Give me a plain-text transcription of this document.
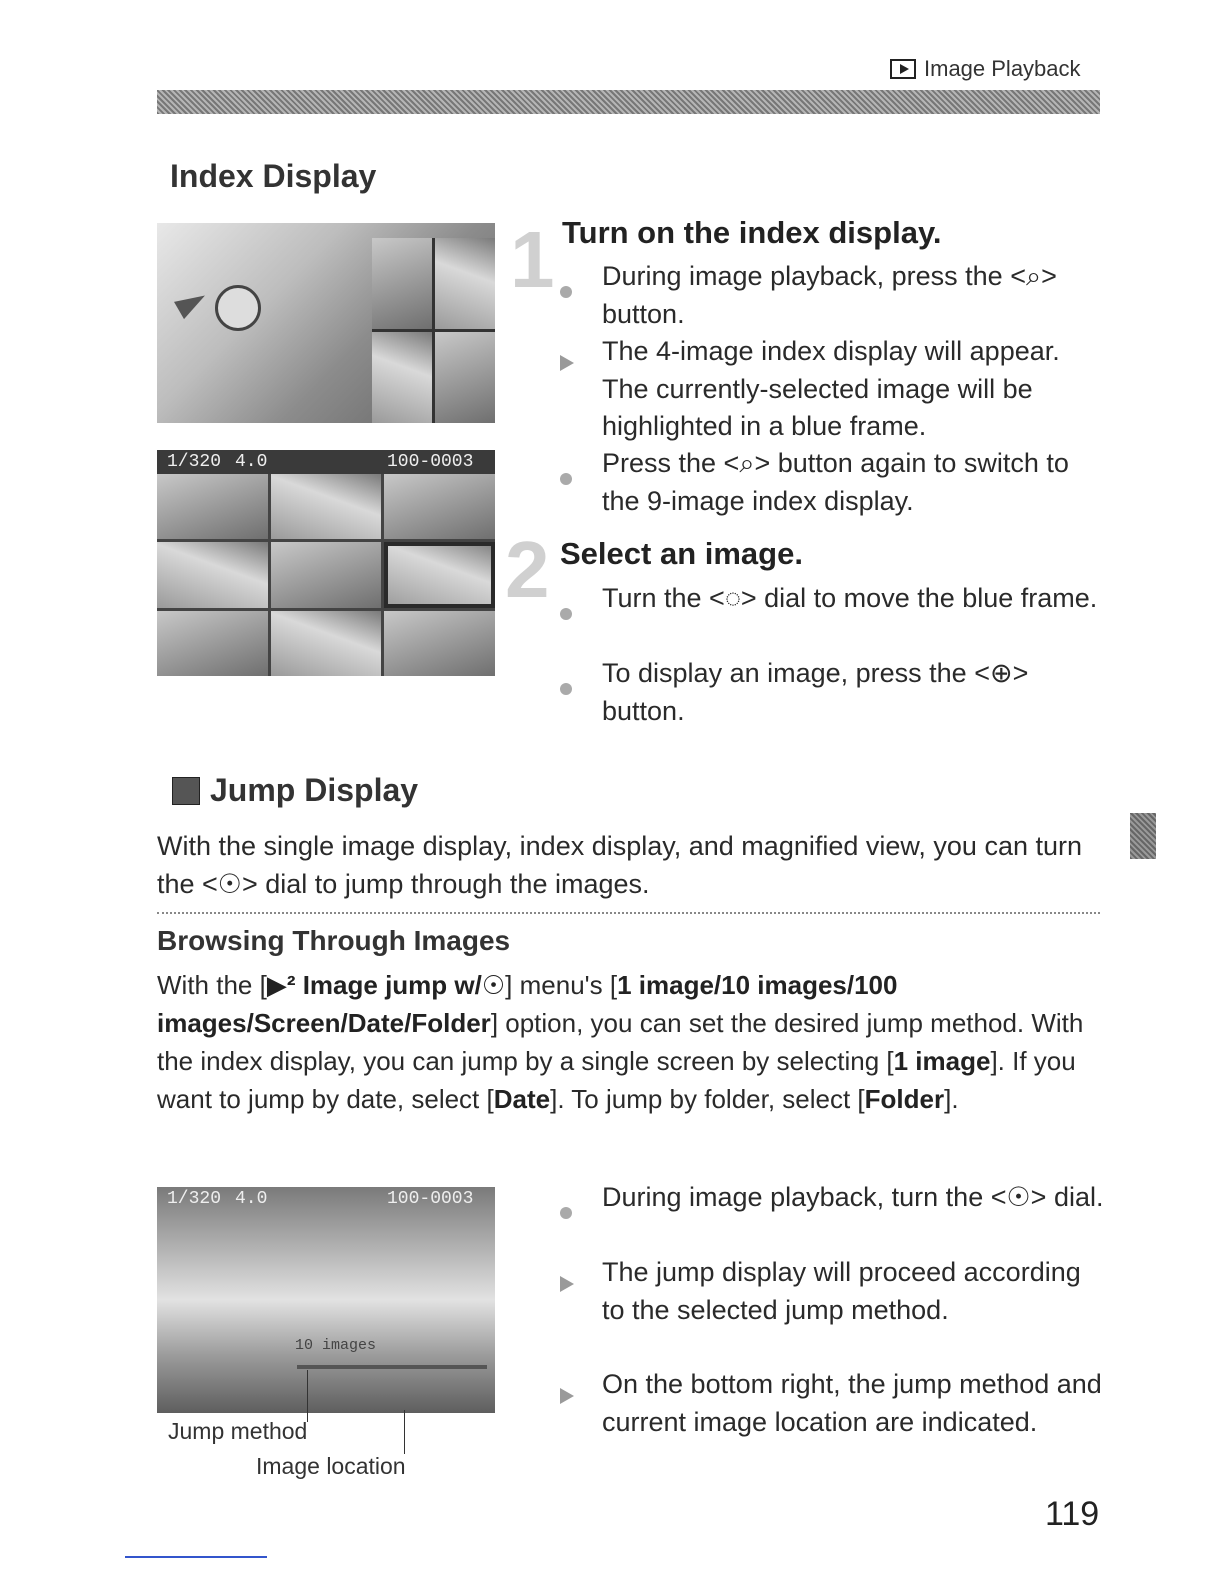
Image Playback
Index Display
1/320 4.0	100-0003
1 Turn on the index display.
During image playback, press the <⌕> button.
The 4-image index display will appear. The currently-selected image will be highlighted in a blue frame.
Press the <⌕> button again to switch to the 9-image index display.
2 Select an image.
Turn the <◌> dial to move the blue frame.
To display an image, press the <⊕> button.
Jump Display
With the single image display, index display, and magnified view, you can turn the <☉> dial to jump through the images.
Browsing Through Images
With the [▶² Image jump w/☉] menu's [1 image/10 images/100 images/Screen/Date/Folder] option, you can set the desired jump method. With the index display, you can jump by a single screen by selecting [1 image]. If you want to jump by date, select [Date]. To jump by folder, select [Folder].
1/320 4.0	100-0003
10 images
Jump method
Image location
During image playback, turn the <☉> dial.
The jump display will proceed according to the selected jump method.
On the bottom right, the jump method and current image location are indicated.
119
